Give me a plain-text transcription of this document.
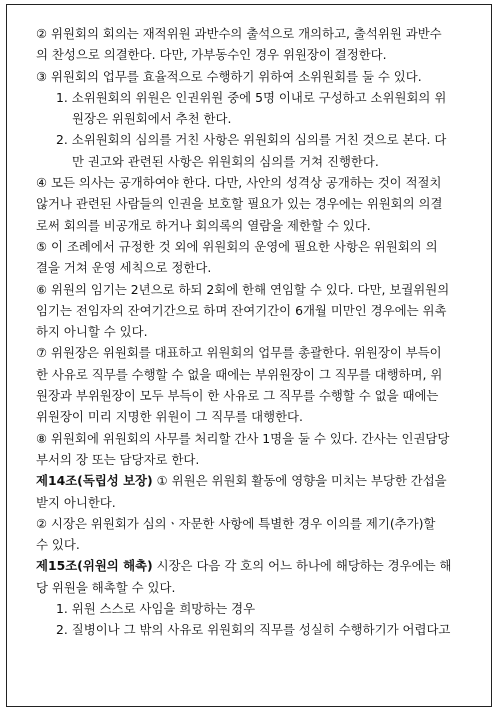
② 위원회의 회의는 재적위원 과반수의 출석으로 개의하고, 출석위원 과반수
의 찬성으로 의결한다. 다만, 가부동수인 경우 위원장이 결정한다.
③ 위원회의 업무를 효율적으로 수행하기 위하여 소위원회를 둘 수 있다.
1. 소위원회의 위원은 인권위원 중에 5명 이내로 구성하고 소위원회의 위
원장은 위원회에서 추천 한다.
2. 소위원회의 심의를 거친 사항은 위원회의 심의를 거친 것으로 본다. 다
만 권고와 관련된 사항은 위원회의 심의를 거쳐 진행한다.
④ 모든 의사는 공개하여야 한다. 다만, 사안의 성격상 공개하는 것이 적절치
않거나 관련된 사람들의 인권을 보호할 필요가 있는 경우에는 위원회의 의결
로써 회의를 비공개로 하거나 회의록의 열람을 제한할 수 있다.
⑤ 이 조례에서 규정한 것 외에 위원회의 운영에 필요한 사항은 위원회의 의
결을 거쳐 운영 세칙으로 정한다.
⑥ 위원의 임기는 2년으로 하되 2회에 한해 연임할 수 있다. 다만, 보궐위원의
임기는 전임자의 잔여기간으로 하며 잔여기간이 6개월 미만인 경우에는 위촉
하지 아니할 수 있다.
⑦ 위원장은 위원회를 대표하고 위원회의 업무를 총괄한다. 위원장이 부득이
한 사유로 직무를 수행할 수 없을 때에는 부위원장이 그 직무를 대행하며, 위
원장과 부위원장이 모두 부득이 한 사유로 그 직무를 수행할 수 없을 때에는
위원장이 미리 지명한 위원이 그 직무를 대행한다.
⑧ 위원회에 위원회의 사무를 처리할 간사 1명을 둘 수 있다. 간사는 인권담당
부서의 장 또는 담당자로 한다.
제14조(독립성 보장) ① 위원은 위원회 활동에 영향을 미치는 부당한 간섭을
받지 아니한다.
② 시장은 위원회가 심의ㆍ자문한 사항에 특별한 경우 이의를 제기(추가)할
수 있다.
제15조(위원의 해촉) 시장은 다음 각 호의 어느 하나에 해당하는 경우에는 해
당 위원을 해촉할 수 있다.
1. 위원 스스로 사임을 희망하는 경우
2. 질병이나 그 밖의 사유로 위원회의 직무를 성실히 수행하기가 어렵다고
